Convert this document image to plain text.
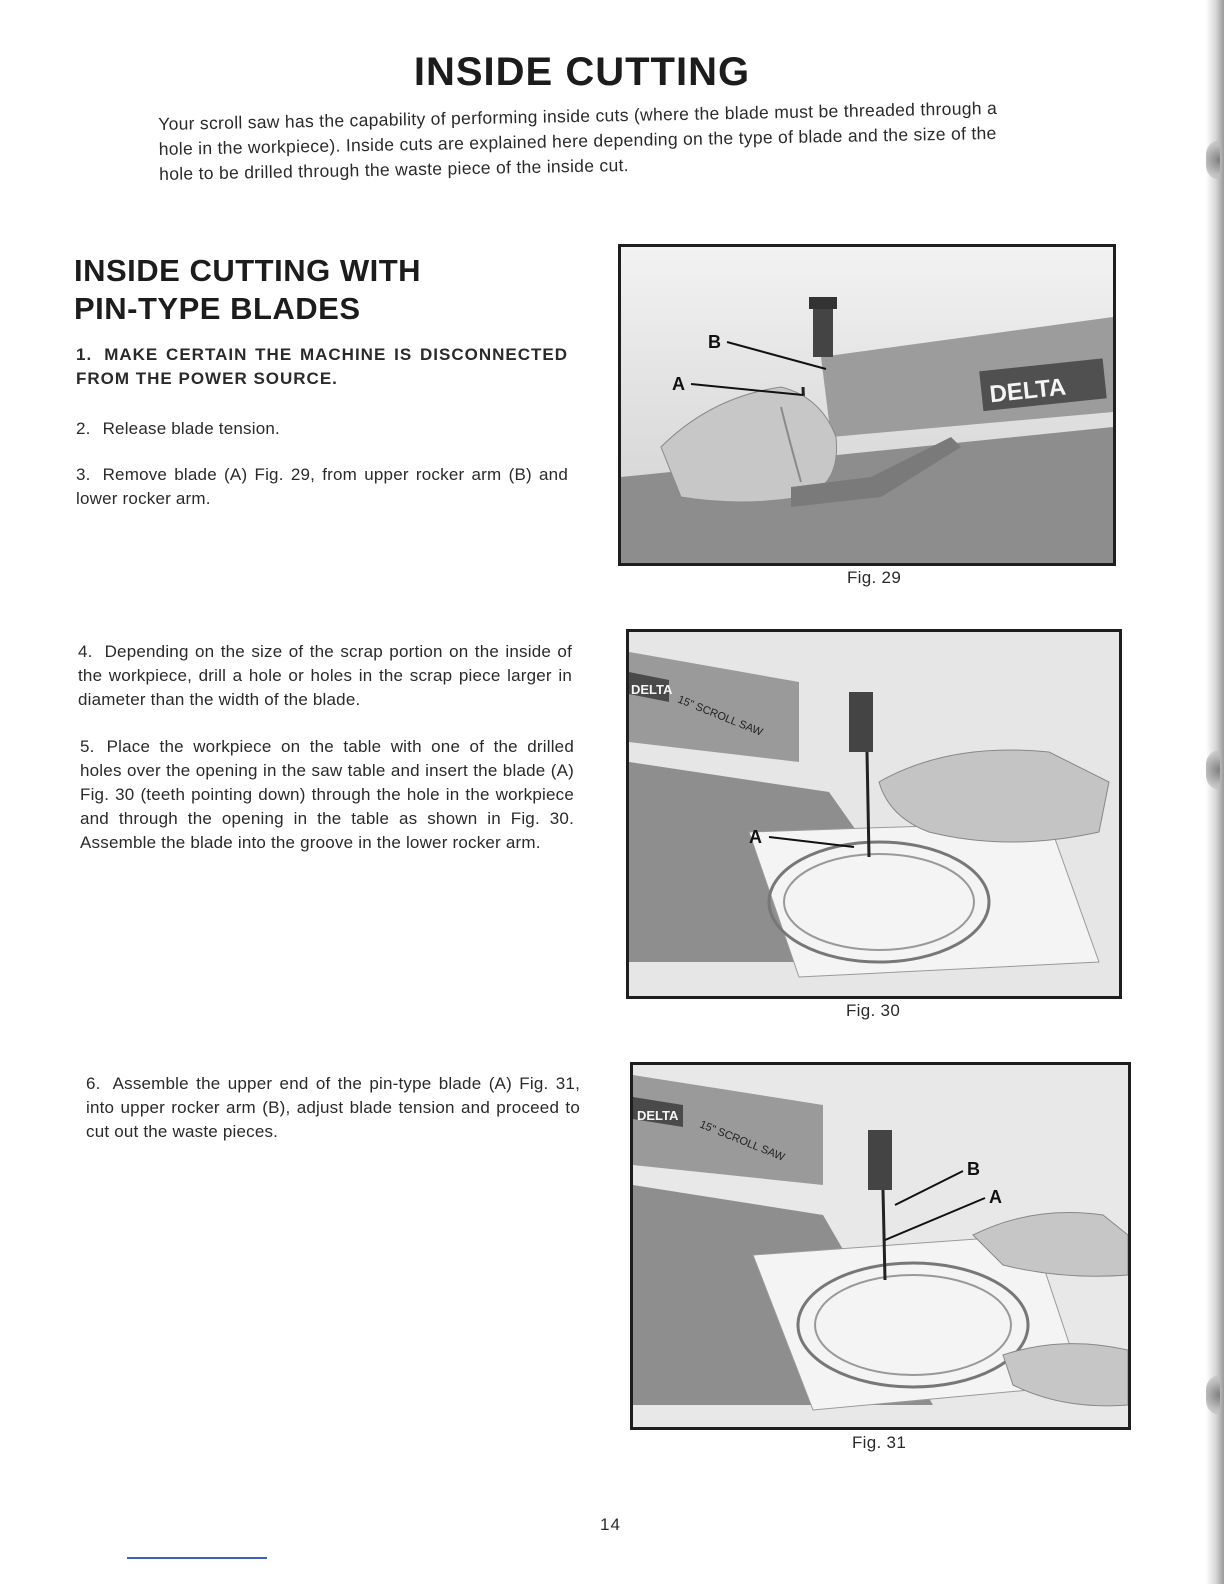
INSIDE CUTTING
Your scroll saw has the capability of performing inside cuts (where the blade must be threaded through a hole in the workpiece). Inside cuts are explained here depending on the type of blade and the size of the hole to be drilled through the waste piece of the inside cut.
INSIDE CUTTING WITH
PIN-TYPE BLADES
1. MAKE CERTAIN THE MACHINE IS DISCONNECTED FROM THE POWER SOURCE.
2. Release blade tension.
3. Remove blade (A) Fig. 29, from upper rocker arm (B) and lower rocker arm.
4. Depending on the size of the scrap portion on the inside of the workpiece, drill a hole or holes in the scrap piece larger in diameter than the width of the blade.
5. Place the workpiece on the table with one of the drilled holes over the opening in the saw table and insert the blade (A) Fig. 30 (teeth pointing down) through the hole in the workpiece and through the opening in the table as shown in Fig. 30. Assemble the blade into the groove in the lower rocker arm.
6. Assemble the upper end of the pin-type blade (A) Fig. 31, into upper rocker arm (B), adjust blade tension and proceed to cut out the waste pieces.
DELTA
B
A
Fig. 29
DELTA
15" SCROLL SAW
A
Fig. 30
DELTA
15" SCROLL SAW
B
A
Fig. 31
14
